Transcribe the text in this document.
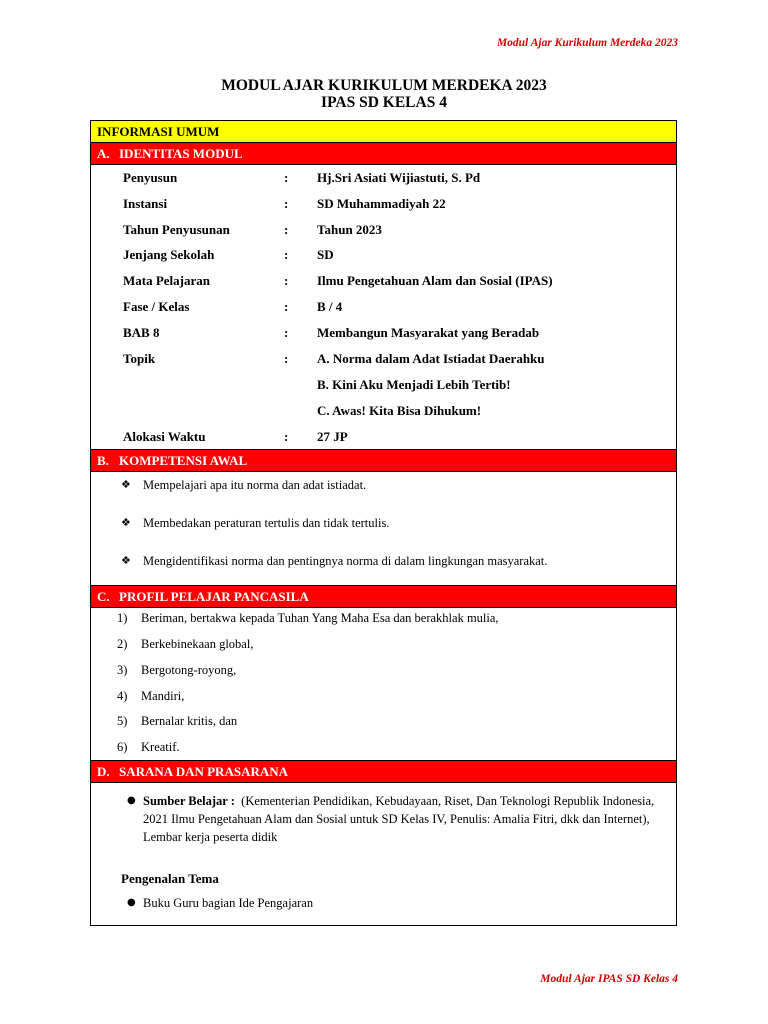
Modul Ajar Kurikulum Merdeka 2023
MODUL AJAR KURIKULUM MERDEKA 2023
IPAS SD KELAS 4
INFORMASI UMUM
A. IDENTITAS MODUL
Penyusun	: Hj.Sri Asiati Wijiastuti, S. Pd
Instansi	: SD Muhammadiyah 22
Tahun Penyusunan	: Tahun 2023
Jenjang Sekolah	: SD
Mata Pelajaran	: Ilmu Pengetahuan Alam dan Sosial (IPAS)
Fase / Kelas	: B / 4
BAB 8	: Membangun Masyarakat yang Beradab
Topik	: A. Norma dalam Adat Istiadat Daerahku
B. Kini Aku Menjadi Lebih Tertib!
C. Awas! Kita Bisa Dihukum!
Alokasi Waktu	: 27 JP
B. KOMPETENSI AWAL
❖ Mempelajari apa itu norma dan adat istiadat.
❖ Membedakan peraturan tertulis dan tidak tertulis.
❖ Mengidentifikasi norma dan pentingnya norma di dalam lingkungan masyarakat.
C. PROFIL PELAJAR PANCASILA
1) Beriman, bertakwa kepada Tuhan Yang Maha Esa dan berakhlak mulia,
2) Berkebinekaan global,
3) Bergotong-royong,
4) Mandiri,
5) Bernalar kritis, dan
6) Kreatif.
D. SARANA DAN PRASARANA
● Sumber Belajar : (Kementerian Pendidikan, Kebudayaan, Riset, Dan Teknologi Republik Indonesia, 2021 Ilmu Pengetahuan Alam dan Sosial untuk SD Kelas IV, Penulis: Amalia Fitri, dkk dan Internet), Lembar kerja peserta didik
Pengenalan Tema
● Buku Guru bagian Ide Pengajaran
Modul Ajar IPAS SD Kelas 4
